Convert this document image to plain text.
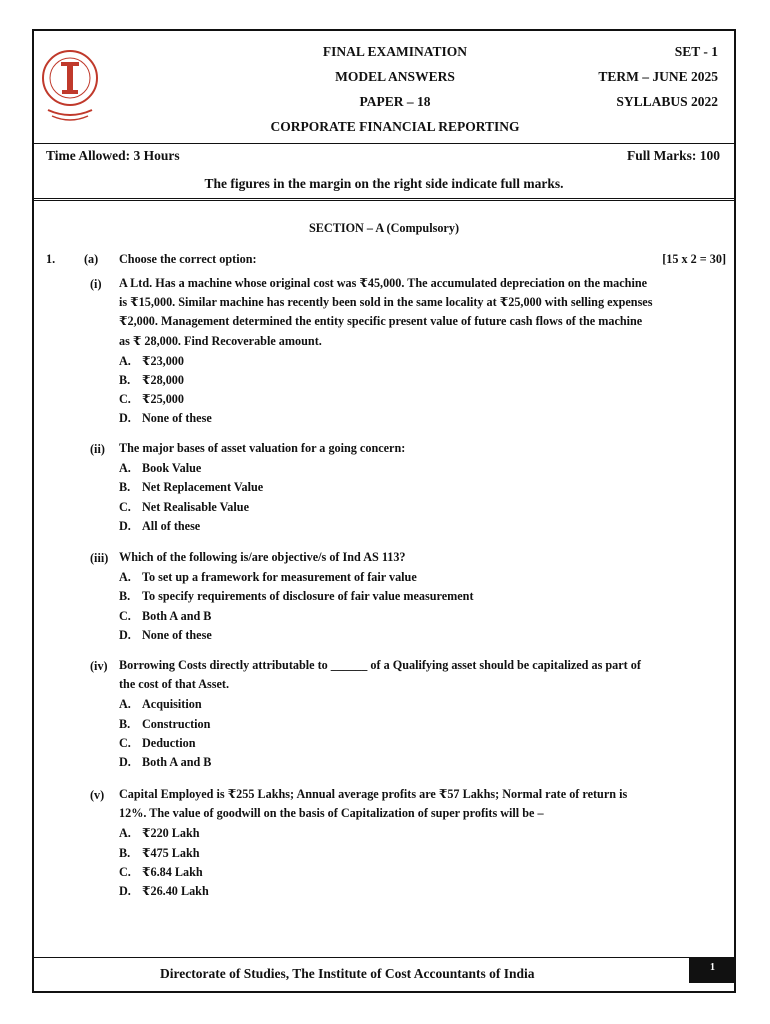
FINAL EXAMINATION
MODEL ANSWERS
PAPER – 18
CORPORATE FINANCIAL REPORTING
SET - 1
TERM – JUNE 2025
SYLLABUS 2022
Time Allowed: 3 Hours	Full Marks: 100
The figures in the margin on the right side indicate full marks.
SECTION – A (Compulsory)
1. (a) Choose the correct option:	[15 x 2 = 30]
(i) A Ltd. Has a machine whose original cost was ₹45,000. The accumulated depreciation on the machine
is ₹15,000. Similar machine has recently been sold in the same locality at ₹25,000 with selling expenses
₹2,000. Management determined the entity specific present value of future cash flows of the machine
as ₹ 28,000. Find Recoverable amount.
A. ₹23,000
B. ₹28,000
C. ₹25,000
D. None of these
(ii) The major bases of asset valuation for a going concern:
A. Book Value
B. Net Replacement Value
C. Net Realisable Value
D. All of these
(iii) Which of the following is/are objective/s of Ind AS 113?
A. To set up a framework for measurement of fair value
B. To specify requirements of disclosure of fair value measurement
C. Both A and B
D. None of these
(iv) Borrowing Costs directly attributable to ______ of a Qualifying asset should be capitalized as part of
the cost of that Asset.
A. Acquisition
B. Construction
C. Deduction
D. Both A and B
(v) Capital Employed is ₹255 Lakhs; Annual average profits are ₹57 Lakhs; Normal rate of return is
12%. The value of goodwill on the basis of Capitalization of super profits will be –
A. ₹220 Lakh
B. ₹475 Lakh
C. ₹6.84 Lakh
D. ₹26.40 Lakh
Directorate of Studies, The Institute of Cost Accountants of India	1
